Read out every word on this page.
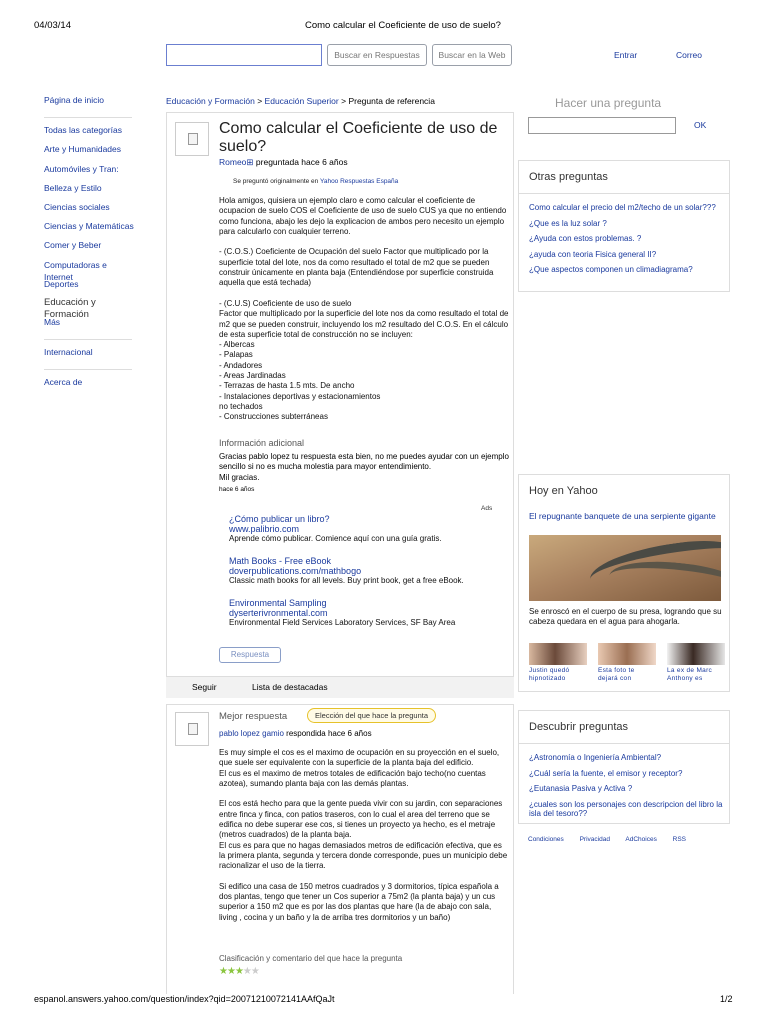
04/03/14	Como calcular el Coeficiente de uso de suelo?
Buscar en Respuestas	Buscar en la Web	Entrar	Correo
Página de inicio
Todas las categorías
Arte y Humanidades
Automóviles y Tran:
Belleza y Estilo
Ciencias sociales
Ciencias y Matemáticas
Comer y Beber
Computadoras e Internet
Deportes
Educación y Formación
Más
Internacional
Acerca de
Educación y Formación > Educación Superior > Pregunta de referencia
Como calcular el Coeficiente de uso de suelo?
Romeo⊞ preguntada hace 6 años
Se preguntó originalmente en Yahoo Respuestas España
Hola amigos, quisiera un ejemplo claro e como calcular el coeficiente de ocupacion de suelo COS el Coeficiente de uso de suelo CUS ya que no entiendo como funciona, abajo les dejo la explicacion de ambos pero necesito un ejemplo para calcularlo con cualquier terreno.

- (C.O.S.) Coeficiente de Ocupación del suelo Factor que multiplicado por la superficie total del lote, nos da como resultado el total de m2 que se pueden construir únicamente en planta baja (Entendiéndose por superficie construida aquella que está techada)

- (C.U.S) Coeficiente de uso de suelo
Factor que multiplicado por la superficie del lote nos da como resultado el total de m2 que se pueden construir, incluyendo los m2 resultado del C.O.S. En el cálculo de esta superficie total de construcción no se incluyen:
- Albercas
- Palapas
- Andadores
- Areas Jardinadas
- Terrazas de hasta 1.5 mts. De ancho
- Instalaciones deportivas y estacionamientos
no techados
- Construcciones subterráneas
Información adicional
Gracias pablo lopez tu respuesta esta bien, no me puedes ayudar con un ejemplo sencillo si no es mucha molestia para mayor entendimiento.
Mil gracias.
hace 6 años
Ads
¿Cómo publicar un libro?
www.palibrio.com
Aprende cómo publicar. Comience aquí con una guía gratis.
Math Books - Free eBook
doverpublications.com/mathbogo
Classic math books for all levels. Buy print book, get a free eBook.
Environmental Sampling
dyserterivronmental.com
Environmental Field Services Laboratory Services, SF Bay Area
Respuesta
Seguir	Lista de destacadas
Mejor respuesta	Elección del que hace la pregunta
pablo lopez gamio respondida hace 6 años
Es muy simple el cos es el maximo de ocupación en su proyección en el suelo, que suele ser equivalente con la superficie de la planta baja del edificio.
El cus es el maximo de metros totales de edificación bajo techo(no cuentas azotea), sumando planta baja con las demás plantas.

El cos está hecho para que la gente pueda vivir con su jardin, con separaciones entre finca y finca, con patios traseros, con lo cual el area del terreno que se edifica no debe superar ese cos, si tienes un proyecto ya hecho, es el metraje (metros cuadrados) de la planta baja.
El cus es para que no hagas demasiados metros de edificación efectiva, que es la primera planta, segunda y tercera donde corresponde, pues un municipio debe racionalizar el uso de la tierra.

Si edifico una casa de 150 metros cuadrados y 3 dormitorios, típica española a dos plantas, tengo que tener un Cos superior a 75m2 (la planta baja) y un cus superior a 150 m2 que es por las dos plantas que hare (la de abajo con sala, living , cocina y un baño y la de arriba tres dormitorios y un baño)
Clasificación y comentario del que hace la pregunta
★★★★★
Hacer una pregunta
OK
Otras preguntas
Como calcular el precio del m2/techo de un solar???
¿Que es la luz solar ?
¿Ayuda con estos problemas. ?
¿ayuda con teoria Fisica general II?
¿Que aspectos componen un climadiagrama?
Hoy en Yahoo
El repugnante banquete de una serpiente gigante
Se enroscó en el cuerpo de su presa, logrando que su cabeza quedara en el agua para ahogarla.
Justin quedó hipnotizado
Esta foto te dejará con
La ex de Marc Anthony es
Descubrir preguntas
¿Astronomía o Ingeniería Ambiental?
¿Cuál sería la fuente, el emisor y receptor?
¿Eutanasia Pasiva y Activa ?
¿cuales son los personajes con descripcion del libro la isla del tesoro??
Condiciones Privacidad AdChoices RSS
espanol.answers.yahoo.com/question/index?qid=20071210072141AAfQaJt	1/2
